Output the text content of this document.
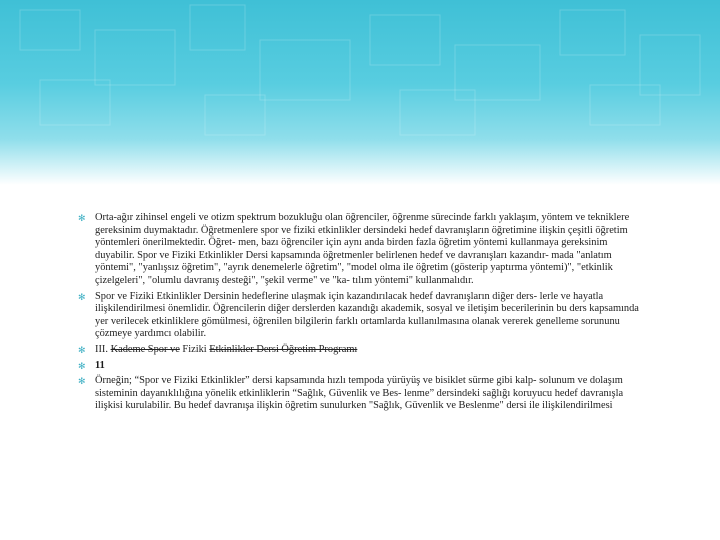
✻ Orta-ağır zihinsel engeli ve otizm spektrum bozukluğu olan öğrenciler, öğrenme sürecinde farklı yaklaşım, yöntem ve tekniklere gereksinim duymaktadır. Öğretmenlere spor ve fiziki etkinlikler dersindeki hedef davranışların öğretimine ilişkin çeşitli öğretim yöntemleri önerilmektedir. Öğret- men, bazı öğrenciler için aynı anda birden fazla öğretim yöntemi kullanmaya gereksinim duyabilir. Spor ve Fiziki Etkinlikler Dersi kapsamında öğretmenler belirlenen hedef ve davranışları kazandır- mada "anlatım yöntemi", "yanlışsız öğretim", "ayrık denemelerle öğretim", "model olma ile öğretim (gösterip yaptırma yöntemi)", "etkinlik çizelgeleri", "olumlu davranış desteği", "şekil verme" ve "ka- tılım yöntemi" kullanmalıdır.
✻ Spor ve Fiziki Etkinlikler Dersinin hedeflerine ulaşmak için kazandırılacak hedef davranışların diğer ders- lerle ve hayatla ilişkilendirilmesi önemlidir. Öğrencilerin diğer derslerden kazandığı akademik, sosyal ve iletişim becerilerinin bu ders kapsamında yer verilecek etkinliklere gömülmesi, öğrenilen bilgilerin farklı ortamlarda kullanılmasına olanak vererek genelleme sorununu çözmeye yardımcı olabilir.
✻ III. Kademe Spor ve Fiziki Etkinlikler Dersi Öğretim Programı
✻ 11
✻ Örneğin; “Spor ve Fiziki Etkinlikler” dersi kapsamında hızlı tempoda yürüyüş ve bisiklet sürme gibi kalp- solunum ve dolaşım sisteminin dayanıklılığına yönelik etkinliklerin “Sağlık, Güvenlik ve Bes- lenme” dersindeki sağlığı koruyucu hedef davranışla ilişkisi kurulabilir. Bu hedef davranışa ilişkin öğretim sunulurken "Sağlık, Güvenlik ve Beslenme" dersi ile ilişkilendirilmesi
